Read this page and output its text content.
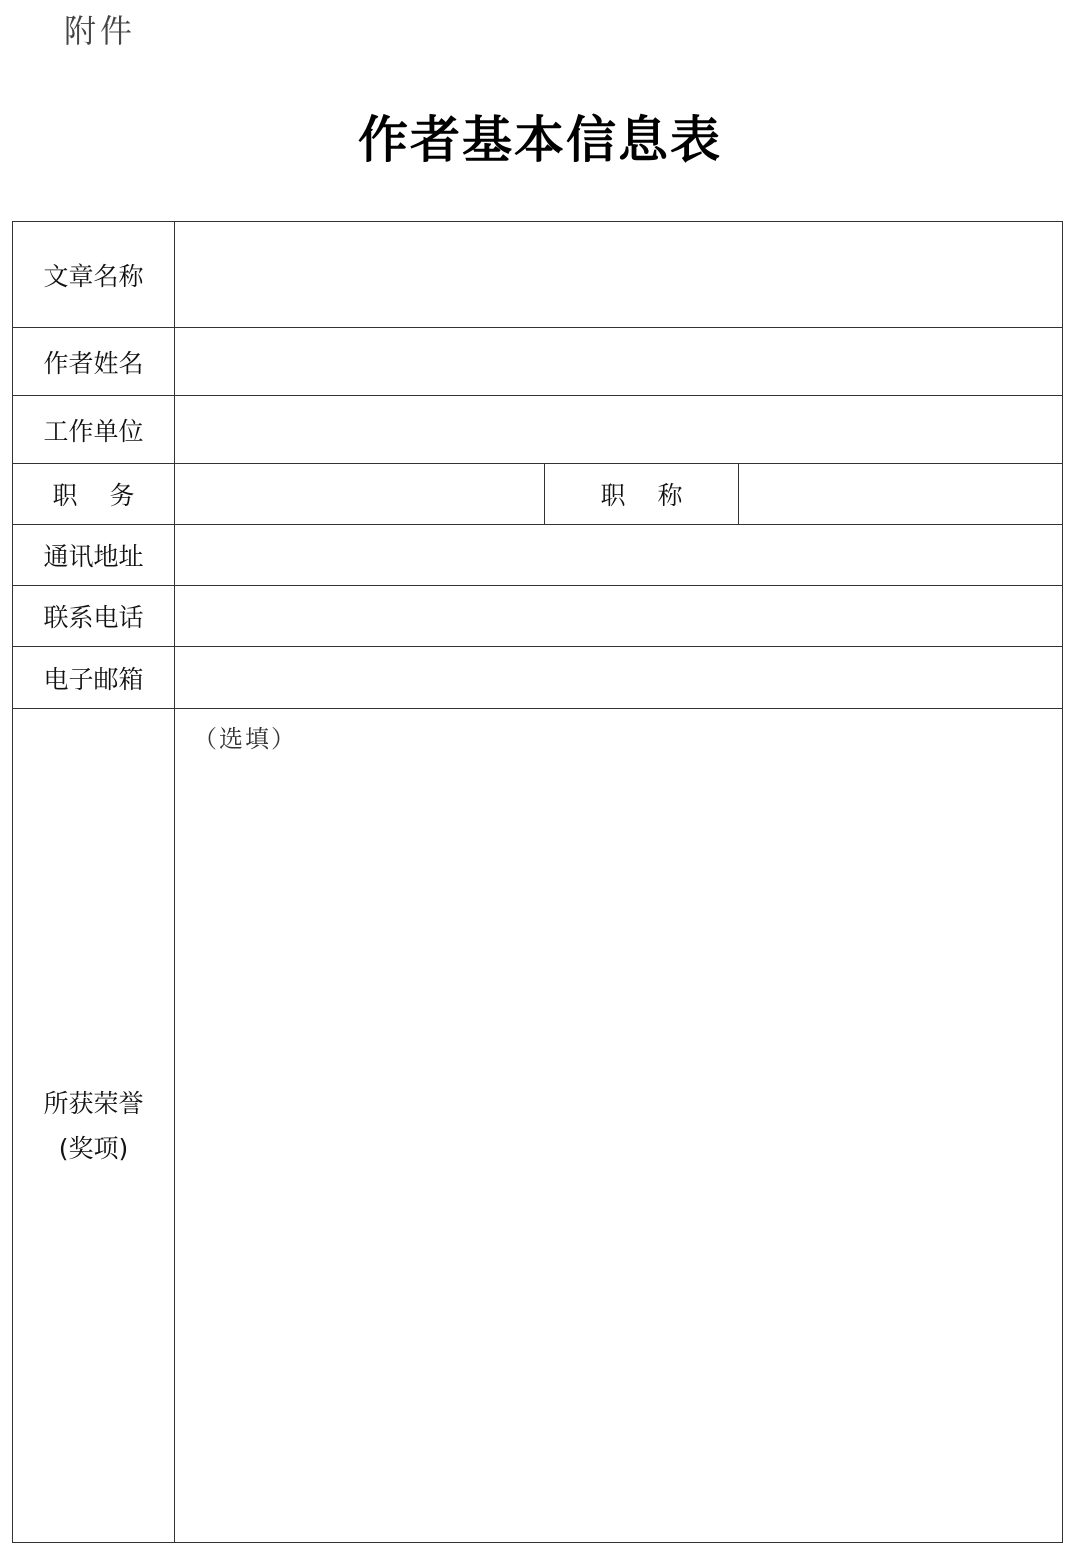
附件
作者基本信息表
文章名称			
作者姓名			
工作单位			
职务		职称	
通讯地址			
联系电话			
电子邮箱			

所获荣誉
(奖项)	（选填）		
